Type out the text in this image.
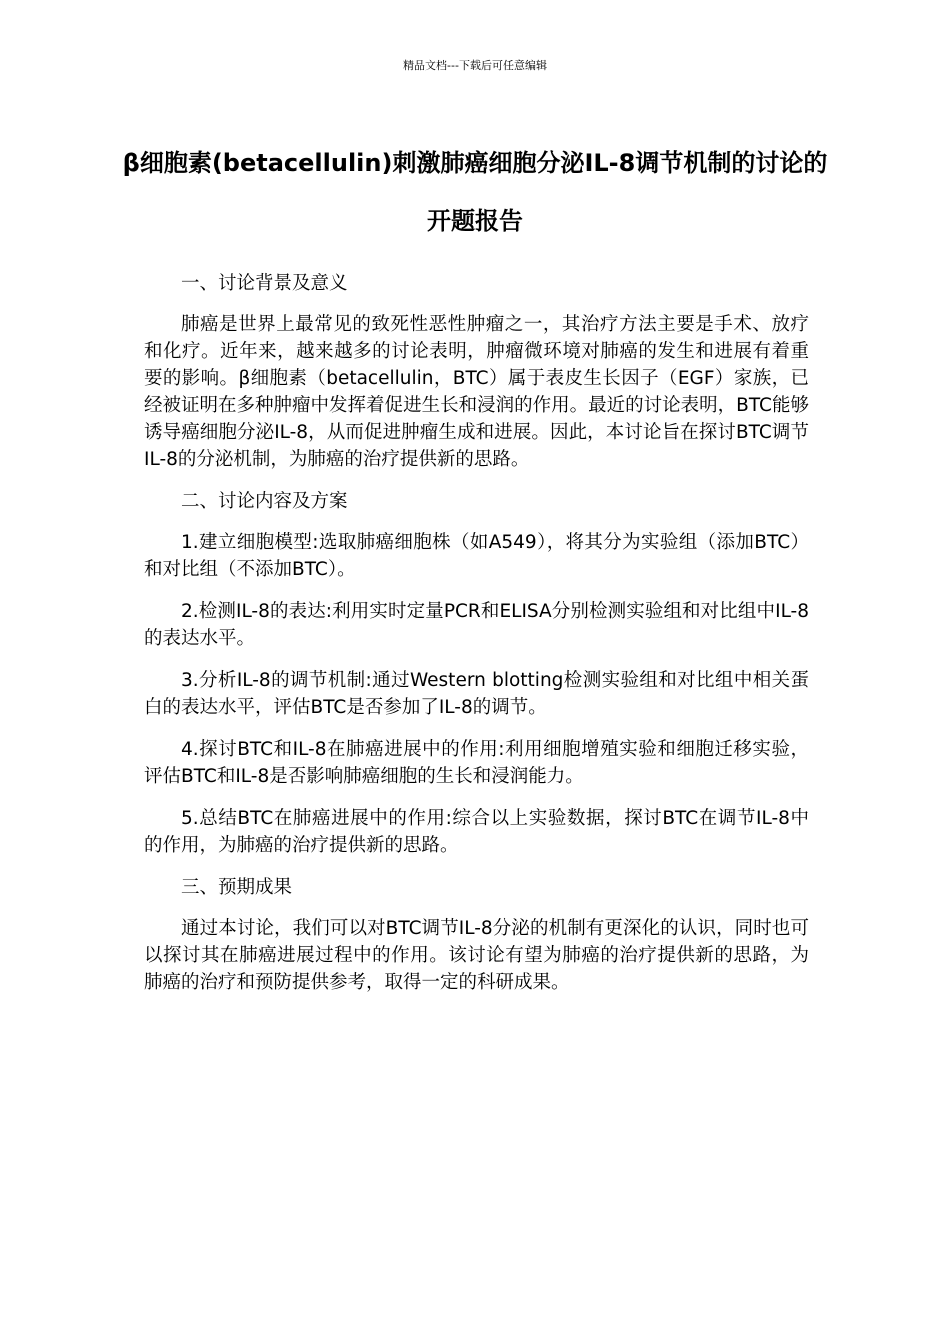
精品文档---下载后可任意编辑
β细胞素(betacellulin)刺激肺癌细胞分泌IL-8调节机制的讨论的开题报告

一、讨论背景及意义

肺癌是世界上最常见的致死性恶性肿瘤之一，其治疗方法主要是手术、放疗和化疗。近年来，越来越多的讨论表明，肿瘤微环境对肺癌的发生和进展有着重要的影响。β细胞素（betacellulin，BTC）属于表皮生长因子（EGF）家族，已经被证明在多种肿瘤中发挥着促进生长和浸润的作用。最近的讨论表明，BTC能够诱导癌细胞分泌IL-8，从而促进肿瘤生成和进展。因此，本讨论旨在探讨BTC调节IL-8的分泌机制，为肺癌的治疗提供新的思路。

二、讨论内容及方案

1.建立细胞模型:选取肺癌细胞株（如A549），将其分为实验组（添加BTC）和对比组（不添加BTC）。

2.检测IL-8的表达:利用实时定量PCR和ELISA分别检测实验组和对比组中IL-8的表达水平。

3.分析IL-8的调节机制:通过Western blotting检测实验组和对比组中相关蛋白的表达水平，评估BTC是否参加了IL-8的调节。

4.探讨BTC和IL-8在肺癌进展中的作用:利用细胞增殖实验和细胞迁移实验，评估BTC和IL-8是否影响肺癌细胞的生长和浸润能力。

5.总结BTC在肺癌进展中的作用:综合以上实验数据，探讨BTC在调节IL-8中的作用，为肺癌的治疗提供新的思路。

三、预期成果

通过本讨论，我们可以对BTC调节IL-8分泌的机制有更深化的认识，同时也可以探讨其在肺癌进展过程中的作用。该讨论有望为肺癌的治疗提供新的思路，为肺癌的治疗和预防提供参考，取得一定的科研成果。
